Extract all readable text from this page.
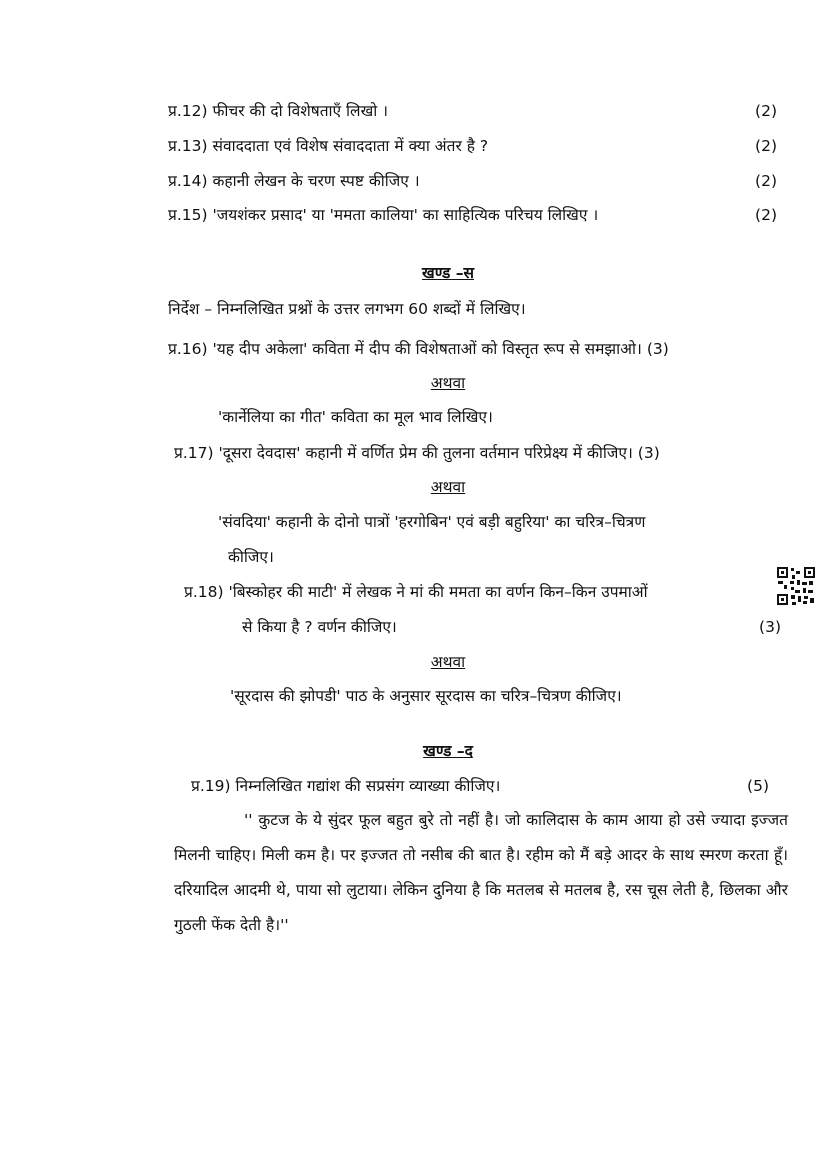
प्र.12) फीचर की दो विशेषताएँ लिखो ।	(2)
प्र.13) संवाददाता एवं विशेष संवाददाता में क्या अंतर है ?	(2)
प्र.14) कहानी लेखन के चरण स्पष्ट कीजिए ।	(2)
प्र.15) 'जयशंकर प्रसाद' या 'ममता कालिया' का साहित्यिक परिचय लिखिए ।	(2)
खण्ड –स
निर्देश – निम्नलिखित प्रश्नों के उत्तर लगभग 60 शब्दों में लिखिए।
प्र.16) 'यह दीप अकेला' कविता में दीप की विशेषताओं को विस्तृत रूप से समझाओ। (3)
अथवा
'कार्नेलिया का गीत' कविता का मूल भाव लिखिए।
प्र.17) 'दूसरा देवदास' कहानी में वर्णित प्रेम की तुलना वर्तमान परिप्रेक्ष्य में कीजिए। (3)
अथवा
'संवदिया' कहानी के दोनो पात्रों 'हरगोबिन' एवं बड़ी बहुरिया' का चरित्र–चित्रण
कीजिए।
प्र.18) 'बिस्कोहर की माटी' में लेखक ने मां की ममता का वर्णन किन–किन उपमाओं
से किया है ? वर्णन कीजिए।	(3)
अथवा
'सूरदास की झोपडी' पाठ के अनुसार सूरदास का चरित्र–चित्रण कीजिए।
खण्ड –द
प्र.19) निम्नलिखित गद्यांश की सप्रसंग व्याख्या कीजिए।	(5)
'' कुटज के ये सुंदर फूल बहुत बुरे तो नहीं है। जो कालिदास के काम आया हो उसे ज्यादा इज्जत मिलनी चाहिए। मिली कम है। पर इज्जत तो नसीब की बात है। रहीम को मैं बड़े आदर के साथ स्मरण करता हूँ। दरियादिल आदमी थे, पाया सो लुटाया। लेकिन दुनिया है कि मतलब से मतलब है, रस चूस लेती है, छिलका और गुठली फेंक देती है।''
